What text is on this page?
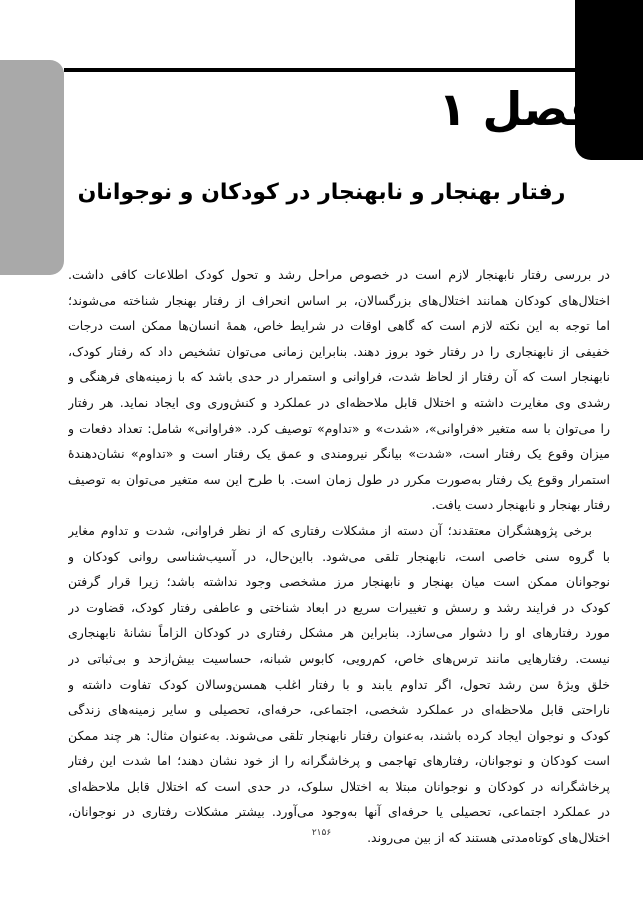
فصل ۱
رفتار بهنجار و نابهنجار در کودکان و نوجوانان
در بررسی رفتار نابهنجار لازم است در خصوص مراحل رشد و تحول کودک اطلاعات کافی داشت.
اختلال‌های کودکان همانند اختلال‌های بزرگسالان، بر اساس انحراف از رفتار بهنجار شناخته می‌شوند؛
اما توجه به این نکته لازم است که گاهی اوقات در شرایط خاص، همهٔ انسان‌ها ممکن است درجات
خفیفی از نابهنجاری را در رفتار خود بروز دهند. بنابراین زمانی می‌توان تشخیص داد که رفتار کودک،
نابهنجار است که آن رفتار از لحاظ شدت، فراوانی و استمرار در حدی باشد که با زمینه‌های فرهنگی و
رشدی وی مغایرت داشته و اختلال قابل ملاحظه‌ای در عملکرد و کنش‌وری وی ایجاد نماید. هر رفتار
را می‌توان با سه متغیر «فراوانی»، «شدت» و «تداوم» توصیف کرد. «فراوانی» شامل: تعداد دفعات و
میزان وقوع یک رفتار است، «شدت» بیانگر نیرومندی و عمق یک رفتار است و «تداوم» نشان‌دهندهٔ
استمرار وقوع یک رفتار به‌صورت مکرر در طول زمان است. با طرح این سه متغیر می‌توان به توصیف
رفتار بهنجار و نابهنجار دست یافت.
برخی پژوهشگران معتقدند؛ آن دسته از مشکلات رفتاری که از نظر فراوانی، شدت و تداوم مغایر
با گروه سنی خاصی است، نابهنجار تلقی می‌شود. با‌این‌حال، در آسیب‌شناسی روانی کودکان و
نوجوانان ممکن است میان بهنجار و نابهنجار مرز مشخصی وجود نداشته باشد؛ زیرا قرار گرفتن
کودک در فرایند رشد و رسش و تغییرات سریع در ابعاد شناختی و عاطفی رفتار کودک، قضاوت در
مورد رفتارهای او را دشوار می‌سازد. بنابراین هر مشکل رفتاری در کودکان الزاماً نشانهٔ نابهنجاری
نیست. رفتارهایی مانند ترس‌های خاص، کم‌رویی، کابوس شبانه، حساسیت بیش‌ازحد و بی‌ثباتی در
خلق ویژهٔ سن رشد تحول، اگر تداوم یابند و با رفتار اغلب همسن‌وسالان کودک تفاوت داشته و
ناراحتی قابل ملاحظه‌ای در عملکرد شخصی، اجتماعی، حرفه‌ای، تحصیلی و سایر زمینه‌های زندگی
کودک و نوجوان ایجاد کرده باشند، به‌عنوان رفتار نابهنجار تلقی می‌شوند. به‌عنوان مثال: هر چند ممکن
است کودکان و نوجوانان، رفتارهای تهاجمی و پرخاشگرانه را از خود نشان دهند؛ اما شدت این رفتار
پرخاشگرانه در کودکان و نوجوانان مبتلا به اختلال سلوک، در حدی است که اختلال قابل ملاحظه‌ای
در عملکرد اجتماعی، تحصیلی یا حرفه‌ای آنها به‌وجود می‌آورد. بیشتر مشکلات رفتاری در نوجوانان،
اختلال‌های کوتاه‌مدتی هستند که از بین می‌روند.
۲۱۵۶
